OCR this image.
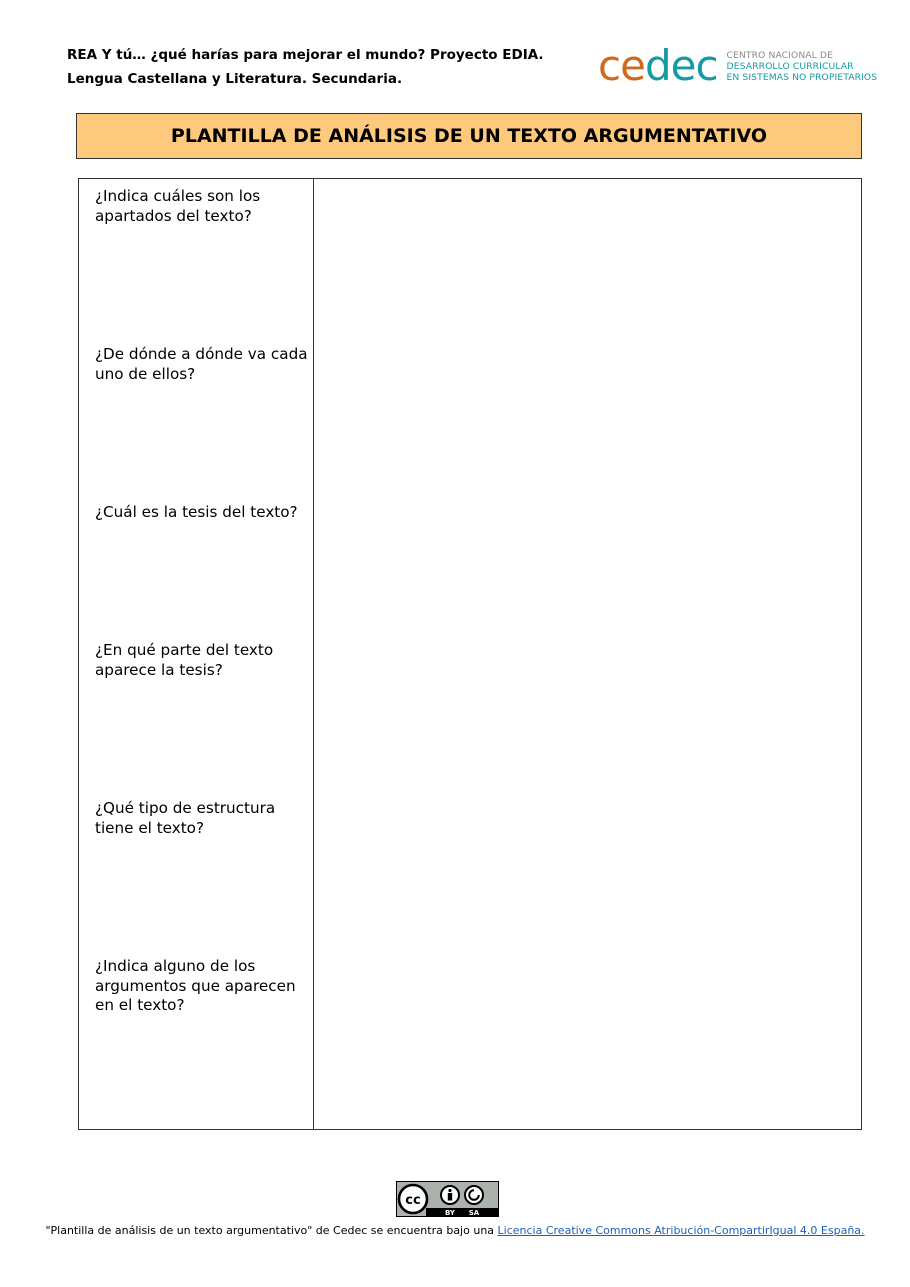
REA Y tú… ¿qué harías para mejorar el mundo? Proyecto EDIA.
Lengua Castellana y Literatura. Secundaria.	cedec CENTRO NACIONAL DE
DESARROLLO CURRICULAR
EN SISTEMAS NO PROPIETARIOS
PLANTILLA DE ANÁLISIS DE UN TEXTO ARGUMENTATIVO
¿Indica cuáles son los apartados del texto?
¿De dónde a dónde va cada uno de ellos?
¿Cuál es la tesis del texto?
¿En qué parte del texto aparece la tesis?
¿Qué tipo de estructura tiene el texto?
¿Indica alguno de los argumentos que aparecen en el texto?
cc
BY SA
"Plantilla de análisis de un texto argumentativo" de Cedec se encuentra bajo una Licencia Creative Commons Atribución-CompartirIgual 4.0 España.
